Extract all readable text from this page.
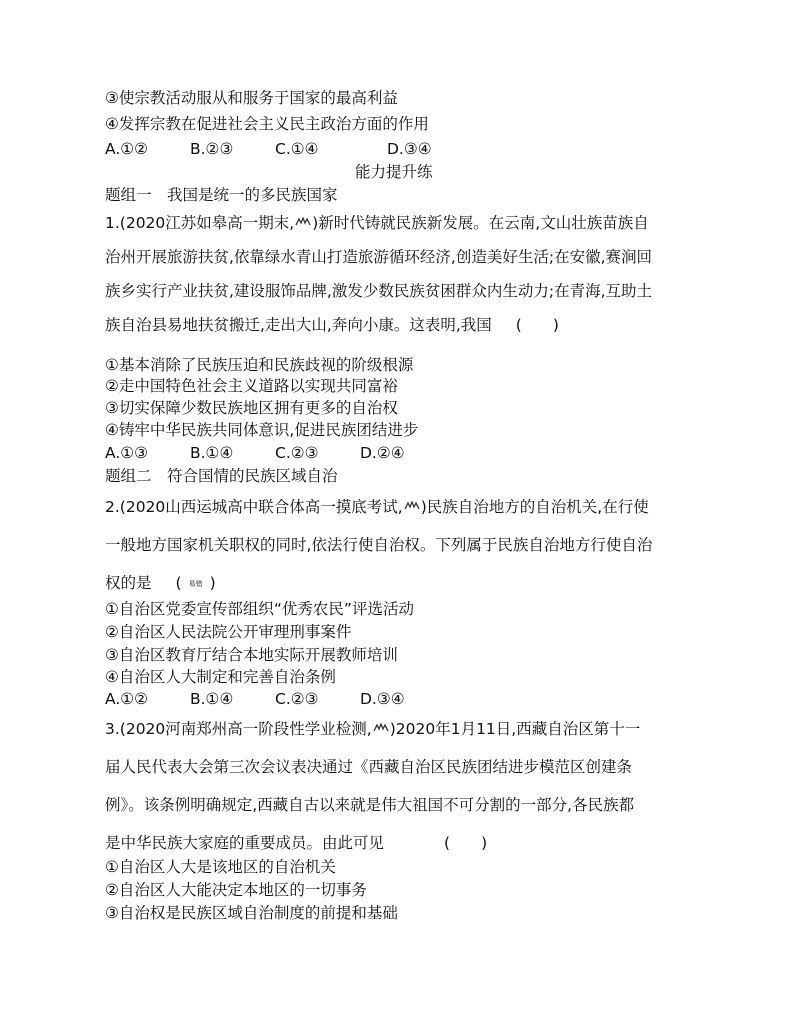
③使宗教活动服从和服务于国家的最高利益
④发挥宗教在促进社会主义民主政治方面的作用
A.①②	B.②③	C.①④	D.③④
能力提升练
题组一　我国是统一的多民族国家
1.(2020江苏如皋高一期末, )新时代铸就民族新发展。在云南,文山壮族苗族自
治州开展旅游扶贫,依靠绿水青山打造旅游循环经济,创造美好生活;在安徽,赛涧回
族乡实行产业扶贫,建设服饰品牌,激发少数民族贫困群众内生动力;在青海,互助土
族自治县易地扶贫搬迁,走出大山,奔向小康。这表明,我国 (　　)
①基本消除了民族压迫和民族歧视的阶级根源
②走中国特色社会主义道路以实现共同富裕
③切实保障少数民族地区拥有更多的自治权
④铸牢中华民族共同体意识,促进民族团结进步
A.①③	B.①④	C.②③	D.②④
题组二　符合国情的民族区域自治
2.(2020山西运城高中联合体高一摸底考试, )民族自治地方的自治机关,在行使
一般地方国家机关职权的同时,依法行使自治权。下列属于民族自治地方行使自治
权的是 ( 易错 )
①自治区党委宣传部组织“优秀农民”评选活动
②自治区人民法院公开审理刑事案件
③自治区教育厅结合本地实际开展教师培训
④自治区人大制定和完善自治条例
A.①②	B.①④	C.②③	D.③④
3.(2020河南郑州高一阶段性学业检测, )2020年1月11日,西藏自治区第十一
届人民代表大会第三次会议表决通过《西藏自治区民族团结进步模范区创建条
例》。该条例明确规定,西藏自古以来就是伟大祖国不可分割的一部分,各民族都
是中华民族大家庭的重要成员。由此可见	(　　)
①自治区人大是该地区的自治机关
②自治区人大能决定本地区的一切事务
③自治权是民族区域自治制度的前提和基础
